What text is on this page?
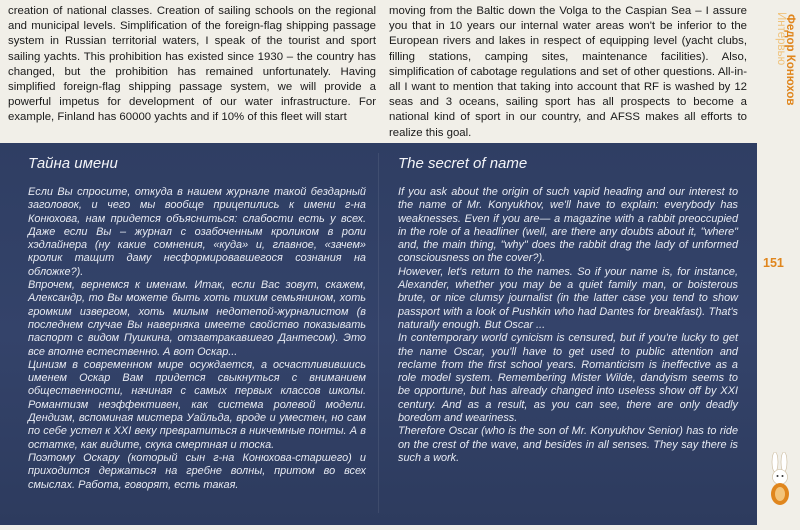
creation of national classes. Creation of sailing schools on the regional and municipal levels. Simplification of the foreign-flag shipping passage system in Russian territorial waters, I speak of the tourist and sport sailing yachts. This prohibition has existed since 1930 – the country has changed, but the prohibition has remained unfortunately. Having simplified foreign-flag shipping passage system, we will provide a powerful impetus for development of our water infrastructure. For example, Finland has 60000 yachts and if 10% of this fleet will start
moving from the Baltic down the Volga to the Caspian Sea – I assure you that in 10 years our internal water areas won't be inferior to the European rivers and lakes in respect of equipping level (yacht clubs, filling stations, camping sites, maintenance facilities). Also, simplification of cabotage regulations and set of other questions. All-in-all I want to mention that taking into account that RF is washed by 12 seas and 3 oceans, sailing sport has all prospects to become a national kind of sport in our country, and AFSS makes all efforts to realize this goal.
Интервью
Федор Конюхов
151
Тайна имени

Если Вы спросите, откуда в нашем журнале такой бездарный заголовок, и чего мы вообще прицепились к имени г-на Конюхова, нам придется объясниться: слабости есть у всех. Даже если Вы – журнал с озабоченным кроликом в роли хэдлайнера (ну какие сомнения, «куда» и, главное, «зачем» кролик тащит даму несформировавшегося сознания на обложке?).

Впрочем, вернемся к именам. Итак, если Вас зовут, скажем, Александр, то Вы можете быть хоть тихим семьянином, хоть громким извергом, хоть милым недотепой-журналистом (в последнем случае Вы наверняка имеете свойство показывать паспорт с видом Пушкина, отзавтракавшего Дантесом). Это все вполне естественно. А вот Оскар...

Цинизм в современном мире осуждается, а осчастливившись именем Оскар Вам придется свыкнуться с вниманием общественности, начиная с самых первых классов школы. Романтизм неэффективен, как система ролевой модели. Дендизм, вспоминая мистера Уайльда, вроде и уместен, но сам по себе устел к XXI веку превратиться в никчемные понты. А в остатке, как видите, скука смертная и тоска.

Поэтому Оскару (который сын г-на Конюхова-старшего) и приходится держаться на гребне волны, притом во всех смыслах. Работа, говорят, есть такая.

The secret of name

If you ask about the origin of such vapid heading and our interest to the name of Mr. Konyukhov, we'll have to explain: everybody has weaknesses. Even if you are— a magazine with a rabbit preoccupied in the role of a headliner (well, are there any doubts about it, "where" and, the main thing, "why" does the rabbit drag the lady of unformed consciousness on the cover?).

However, let's return to the names. So if your name is, for instance, Alexander, whether you may be a quiet family man, or boisterous brute, or nice clumsy journalist (in the latter case you tend to show passport with a look of Pushkin who had Dantes for breakfast). That's naturally enough. But Oscar ...

In contemporary world cynicism is censured, but if you're lucky to get the name Oscar, you'll have to get used to public attention and reclame from the first school years. Romanticism is ineffective as a role model system. Remembering Mister Wilde, dandyism seems to be opportune, but has already changed into useless show off by XXI century. And as a result, as you can see, there are only deadly boredom and weariness.

Therefore Oscar (who is the son of Mr. Konyukhov Senior) has to ride on the crest of the wave, and besides in all senses. They say there is such a work.
